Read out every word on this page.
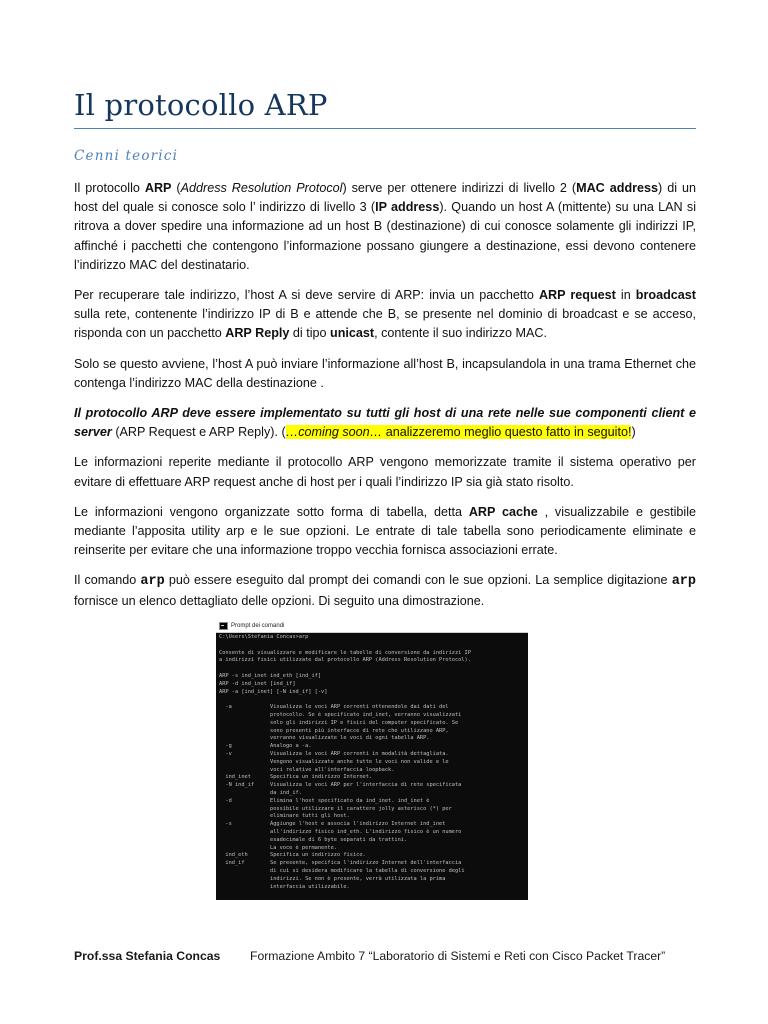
Il protocollo ARP
Cenni teorici

Il protocollo ARP (Address Resolution Protocol) serve per ottenere indirizzi di livello 2 (MAC address) di un host del quale si conosce solo l’ indirizzo di livello 3 (IP address). Quando un host A (mittente) su una LAN si ritrova a dover spedire una informazione ad un host B (destinazione) di cui conosce solamente gli indirizzi IP, affinché i pacchetti che contengono l’informazione possano giungere a destinazione, essi devono contenere l’indirizzo MAC del destinatario.

Per recuperare tale indirizzo, l’host A si deve servire di ARP: invia un pacchetto ARP request in broadcast sulla rete, contenente l’indirizzo IP di B e attende che B, se presente nel dominio di broadcast e se acceso, risponda con un pacchetto ARP Reply di tipo unicast, contente il suo indirizzo MAC.

Solo se questo avviene, l’host A può inviare l’informazione all’host B, incapsulandola in una trama Ethernet che contenga l’indirizzo MAC della destinazione .

Il protocollo ARP deve essere implementato su tutti gli host di una rete nelle sue componenti client e server (ARP Request e ARP Reply). (…coming soon… analizzeremo meglio questo fatto in seguito!)

Le informazioni reperite mediante il protocollo ARP vengono memorizzate tramite il sistema operativo per evitare di effettuare ARP request anche di host per i quali l’indirizzo IP sia già stato risolto.

Le informazioni vengono organizzate sotto forma di tabella, detta ARP cache , visualizzabile e gestibile mediante l’apposita utility arp e le sue opzioni. Le entrate di tale tabella sono periodicamente eliminate e reinserite per evitare che una informazione troppo vecchia fornisca associazioni errate.

Il comando arp può essere eseguito dal prompt dei comandi con le sue opzioni. La semplice digitazione arp fornisce un elenco dettagliato delle opzioni. Di seguito una dimostrazione.

Prompt dei comandi
C:\Users\Stefania Concas>arp

Consente di visualizzare e modificare le tabelle di conversione da indirizzi IP
a indirizzi fisici utilizzate dal protocollo ARP (Address Resolution Protocol).

ARP -s ind_inet ind_eth [ind_if]
ARP -d ind_inet [ind_if]
ARP -a [ind_inet] [-N ind_if] [-v]

-a            Visualizza le voci ARP correnti ottenendole dai dati del
protocollo. Se è specificato ind_inet, verranno visualizzati
solo gli indirizzi IP e fisici del computer specificato. Se
sono presenti più interfacce di rete che utilizzano ARP,
verranno visualizzate le voci di ogni tabella ARP.
-g            Analogo a -a.
-v            Visualizza le voci ARP correnti in modalità dettagliata.
Vengono visualizzate anche tutte le voci non valide e le
voci relative all'interfaccia loopback.
ind_inet      Specifica un indirizzo Internet.
-N ind_if     Visualizza le voci ARP per l'interfaccia di rete specificata
da ind_if.
-d            Elimina l'host specificato da ind_inet. ind_inet è
possibile utilizzare il carattere jolly asterisco (*) per
eliminare tutti gli host.
-s            Aggiunge l'host e associa l'indirizzo Internet ind_inet
all'indirizzo fisico ind_eth. L'indirizzo fisico è un numero
esadecimale di 6 byte separati da trattini.
La voce è permanente.
ind_eth       Specifica un indirizzo fisico.
ind_if        Se presente, specifica l'indirizzo Internet dell'interfaccia
di cui si desidera modificare la tabella di conversione degli
indirizzi. Se non è presente, verrà utilizzata la prima
interfaccia utilizzabile.
Prof.ssa Stefania Concas Formazione Ambito 7 “Laboratorio di Sistemi e Reti con Cisco Packet Tracer”
